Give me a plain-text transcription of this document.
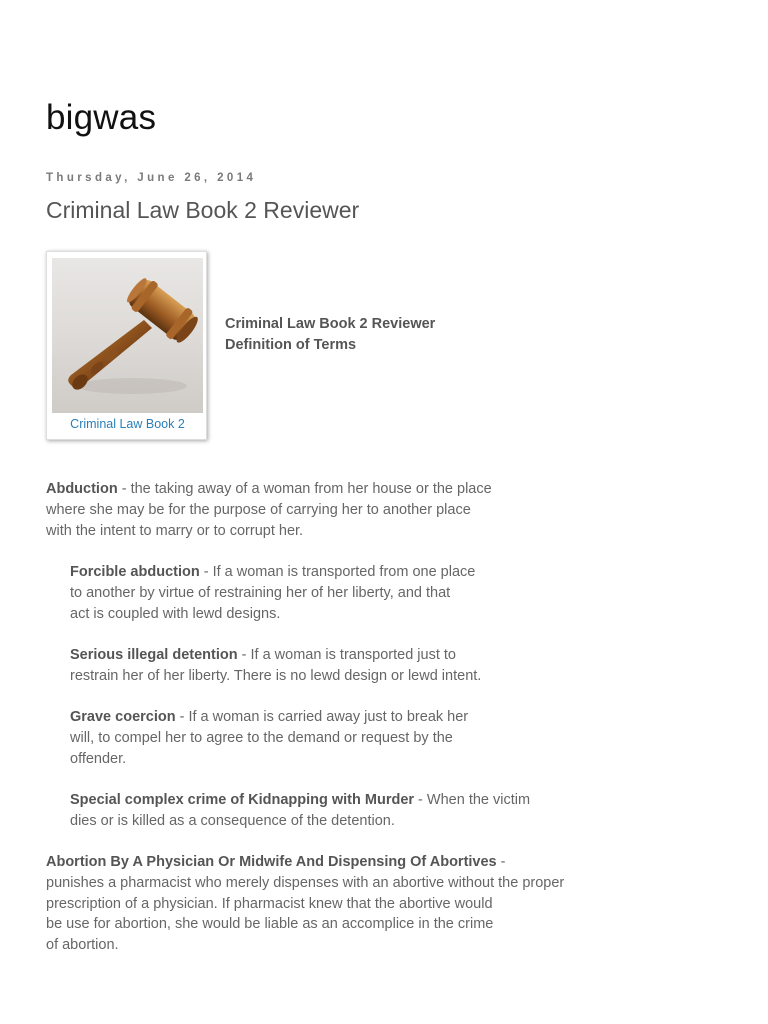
bigwas
Thursday, June 26, 2014
Criminal Law Book 2 Reviewer
Criminal Law Book 2
Criminal Law Book 2 Reviewer
Definition of Terms

Abduction - the taking away of a woman from her house or the place
where she may be for the purpose of carrying her to another place
with the intent to marry or to corrupt her.

Forcible abduction - If a woman is transported from one place
to another by virtue of restraining her of her liberty, and that
act is coupled with lewd designs.

Serious illegal detention - If a woman is transported just to
restrain her of her liberty. There is no lewd design or lewd intent.

Grave coercion - If a woman is carried away just to break her
will, to compel her to agree to the demand or request by the
offender.

Special complex crime of Kidnapping with Murder - When the victim
dies or is killed as a consequence of the detention.

Abortion By A Physician Or Midwife And Dispensing Of Abortives -
punishes a pharmacist who merely dispenses with an abortive without the proper
prescription of a physician. If pharmacist knew that the abortive would
be use for abortion, she would be liable as an accomplice in the crime
of abortion.
